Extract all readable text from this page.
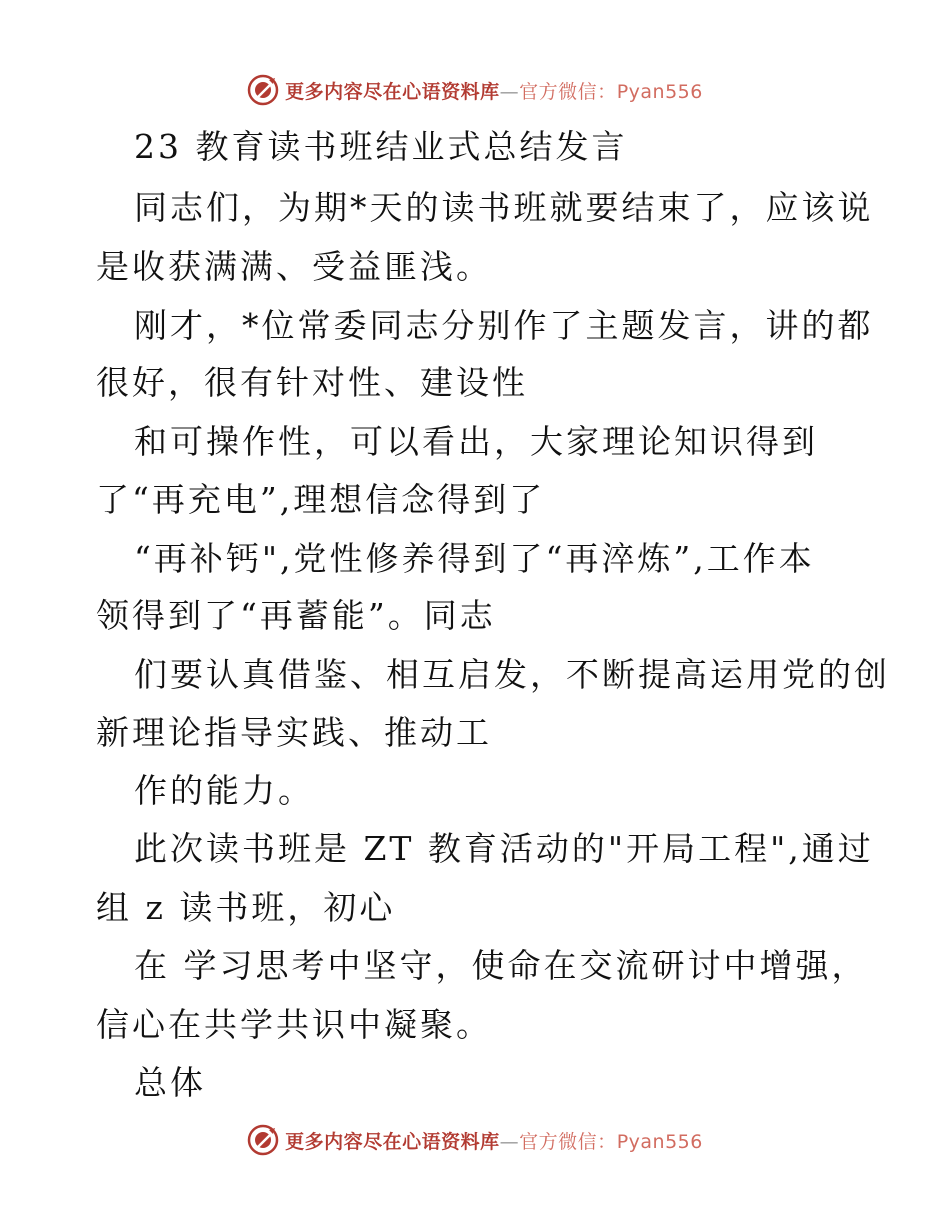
更多内容尽在心语资料库—官方微信：Pyan556
23 教育读书班结业式总结发言
同志们，为期*天的读书班就要结束了，应该说
是收获满满、受益匪浅。
刚才，*位常委同志分别作了主题发言，讲的都
很好，很有针对性、建设性
和可操作性，可以看出，大家理论知识得到
了“再充电”,理想信念得到了
“再补钙",党性修养得到了“再淬炼”,工作本
领得到了“再蓄能”。同志
们要认真借鉴、相互启发，不断提高运用党的创
新理论指导实践、推动工
作的能力。
此次读书班是 ZT 教育活动的"开局工程",通过
组 z 读书班，初心
在 学习思考中坚守，使命在交流研讨中增强，
信心在共学共识中凝聚。
总体
更多内容尽在心语资料库—官方微信：Pyan556
